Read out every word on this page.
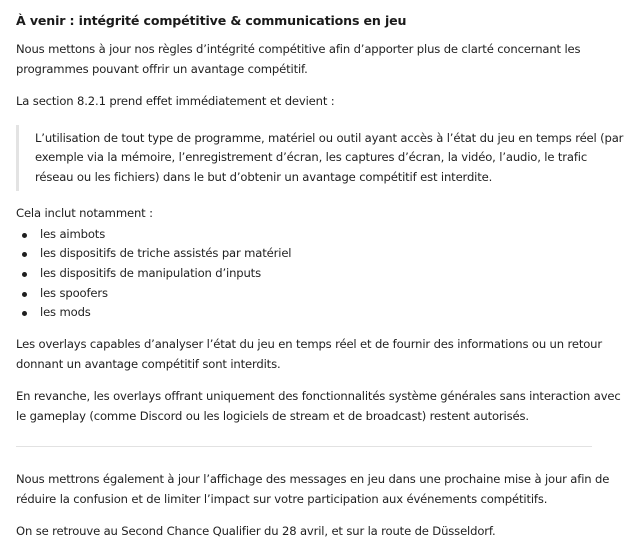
À venir : intégrité compétitive & communications en jeu

Nous mettons à jour nos règles d’intégrité compétitive afin d’apporter plus de clarté concernant les programmes pouvant offrir un avantage compétitif.

La section 8.2.1 prend effet immédiatement et devient :

L’utilisation de tout type de programme, matériel ou outil ayant accès à l’état du jeu en temps réel (par exemple via la mémoire, l’enregistrement d’écran, les captures d’écran, la vidéo, l’audio, le trafic réseau ou les fichiers) dans le but d’obtenir un avantage compétitif est interdite.

Cela inclut notamment :

les aimbots
les dispositifs de triche assistés par matériel
les dispositifs de manipulation d’inputs
les spoofers
les mods

Les overlays capables d’analyser l’état du jeu en temps réel et de fournir des informations ou un retour donnant un avantage compétitif sont interdits.

En revanche, les overlays offrant uniquement des fonctionnalités système générales sans interaction avec le gameplay (comme Discord ou les logiciels de stream et de broadcast) restent autorisés.

Nous mettrons également à jour l’affichage des messages en jeu dans une prochaine mise à jour afin de réduire la confusion et de limiter l’impact sur votre participation aux événements compétitifs.

On se retrouve au Second Chance Qualifier du 28 avril, et sur la route de Düsseldorf.
